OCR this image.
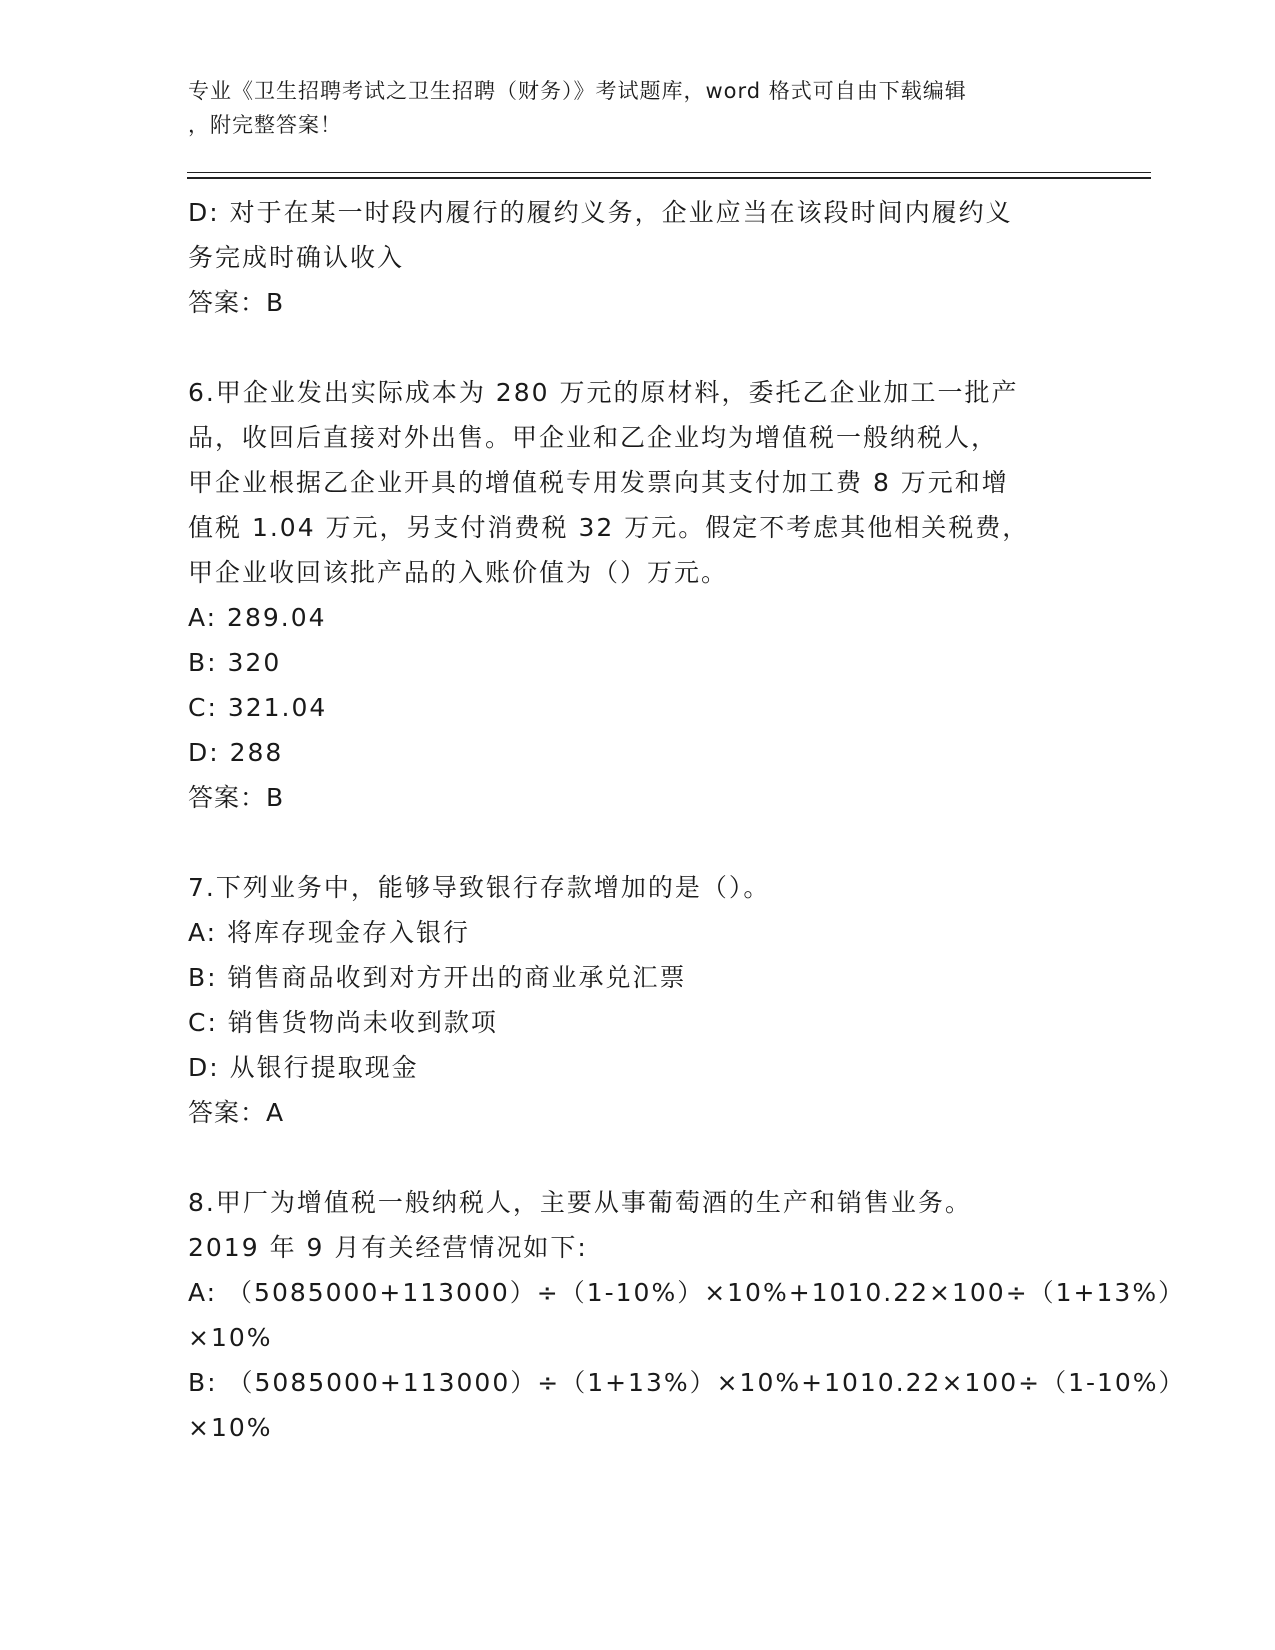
专业《卫生招聘考试之卫生招聘（财务）》考试题库，word 格式可自由下载编辑
，附完整答案！
D: 对于在某一时段内履行的履约义务，企业应当在该段时间内履约义
务完成时确认收入
答案：B
6.甲企业发出实际成本为 280 万元的原材料，委托乙企业加工一批产
品，收回后直接对外出售。甲企业和乙企业均为增值税一般纳税人，
甲企业根据乙企业开具的增值税专用发票向其支付加工费 8 万元和增
值税 1.04 万元，另支付消费税 32 万元。假定不考虑其他相关税费，
甲企业收回该批产品的入账价值为（）万元。
A: 289.04
B: 320
C: 321.04
D: 288
答案：B
7.下列业务中，能够导致银行存款增加的是（）。
A: 将库存现金存入银行
B: 销售商品收到对方开出的商业承兑汇票
C: 销售货物尚未收到款项
D: 从银行提取现金
答案：A
8.甲厂为增值税一般纳税人，主要从事葡萄酒的生产和销售业务。
2019 年 9 月有关经营情况如下:
A: （5085000+113000）÷（1-10%）×10%+1010.22×100÷（1+13%）
×10%
B: （5085000+113000）÷（1+13%）×10%+1010.22×100÷（1-10%）
×10%
